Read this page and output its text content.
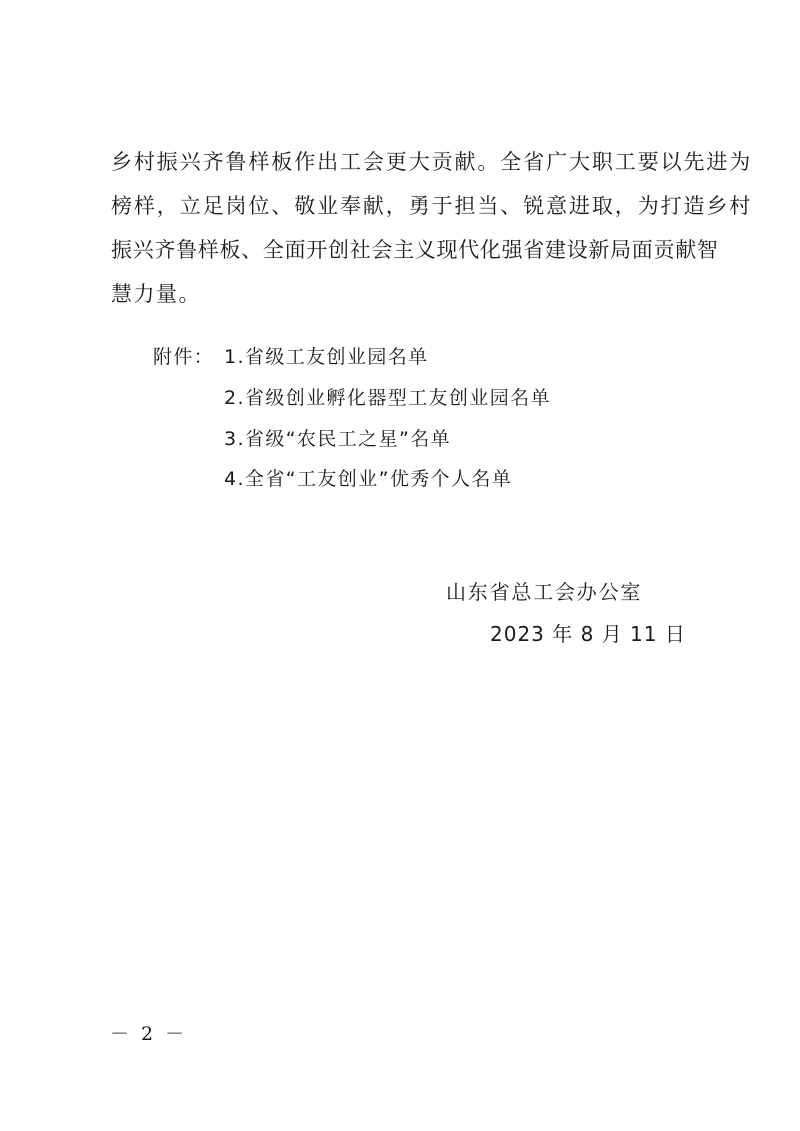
乡村振兴齐鲁样板作出工会更大贡献。全省广大职工要以先进为
榜样，立足岗位、敬业奉献，勇于担当、锐意进取，为打造乡村
振兴齐鲁样板、全面开创社会主义现代化强省建设新局面贡献智
慧力量。
附件： 1.省级工友创业园名单
2.省级创业孵化器型工友创业园名单
3.省级“农民工之星”名单
4.全省“工友创业”优秀个人名单
山东省总工会办公室
2023 年 8 月 11 日
－ 2 －
